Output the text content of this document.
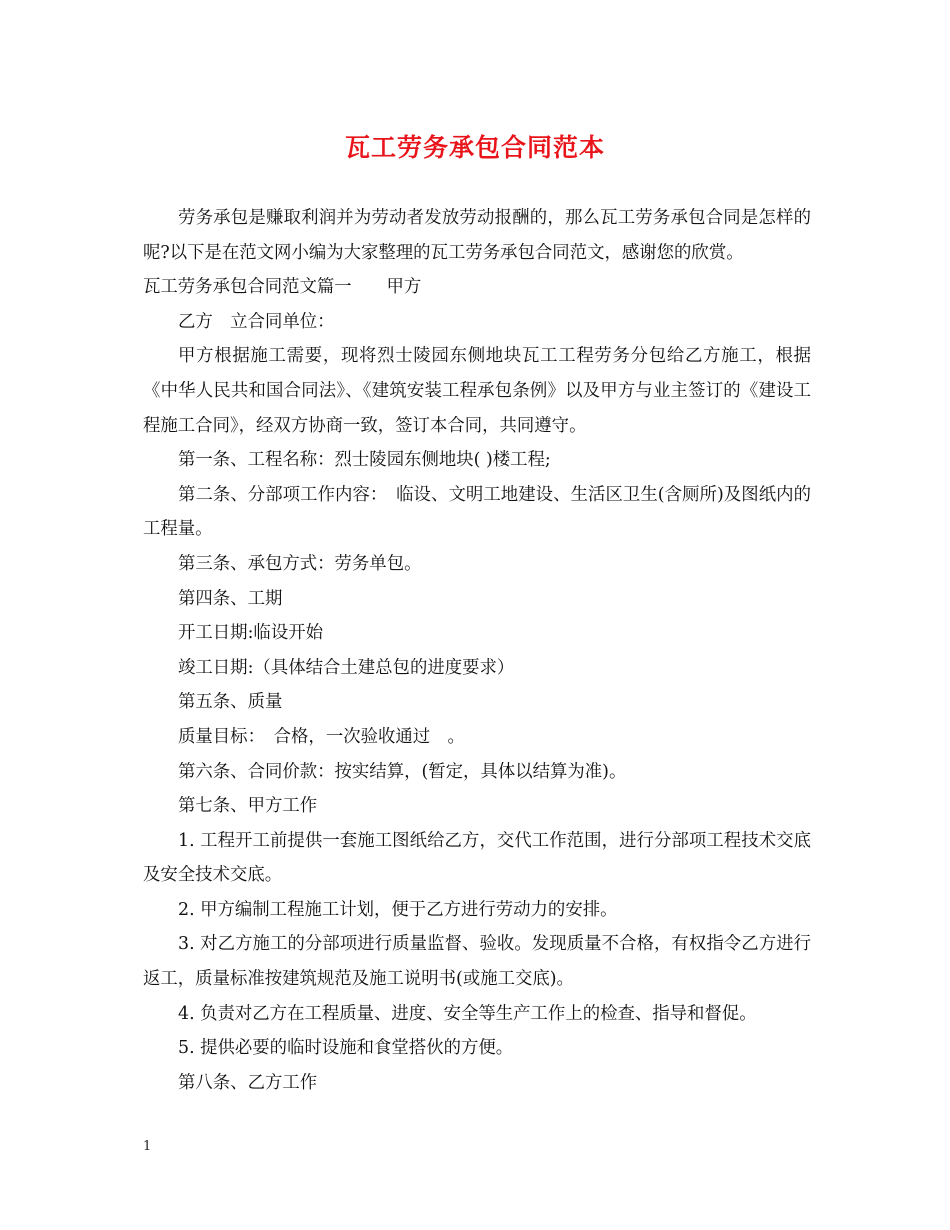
瓦工劳务承包合同范本

劳务承包是赚取利润并为劳动者发放劳动报酬的，那么瓦工劳务承包合同是怎样的呢?以下是在范文网小编为大家整理的瓦工劳务承包合同范文，感谢您的欣赏。

瓦工劳务承包合同范文篇一　　甲方

乙方　立合同单位：

甲方根据施工需要，现将烈士陵园东侧地块瓦工工程劳务分包给乙方施工，根据《中华人民共和国合同法》、《建筑安装工程承包条例》以及甲方与业主签订的《建设工程施工合同》，经双方协商一致，签订本合同，共同遵守。

第一条、工程名称：烈士陵园东侧地块( )楼工程;

第二条、分部项工作内容：　临设、文明工地建设、生活区卫生(含厕所)及图纸内的工程量。

第三条、承包方式：劳务单包。

第四条、工期

开工日期:临设开始

竣工日期:（具体结合土建总包的进度要求）

第五条、质量

质量目标：　合格，一次验收通过　。

第六条、合同价款：按实结算，(暂定，具体以结算为准)。

第七条、甲方工作

1. 工程开工前提供一套施工图纸给乙方，交代工作范围，进行分部项工程技术交底及安全技术交底。

2. 甲方编制工程施工计划，便于乙方进行劳动力的安排。

3. 对乙方施工的分部项进行质量监督、验收。发现质量不合格，有权指令乙方进行返工，质量标准按建筑规范及施工说明书(或施工交底)。

4. 负责对乙方在工程质量、进度、安全等生产工作上的检查、指导和督促。

5. 提供必要的临时设施和食堂搭伙的方便。

第八条、乙方工作

1
